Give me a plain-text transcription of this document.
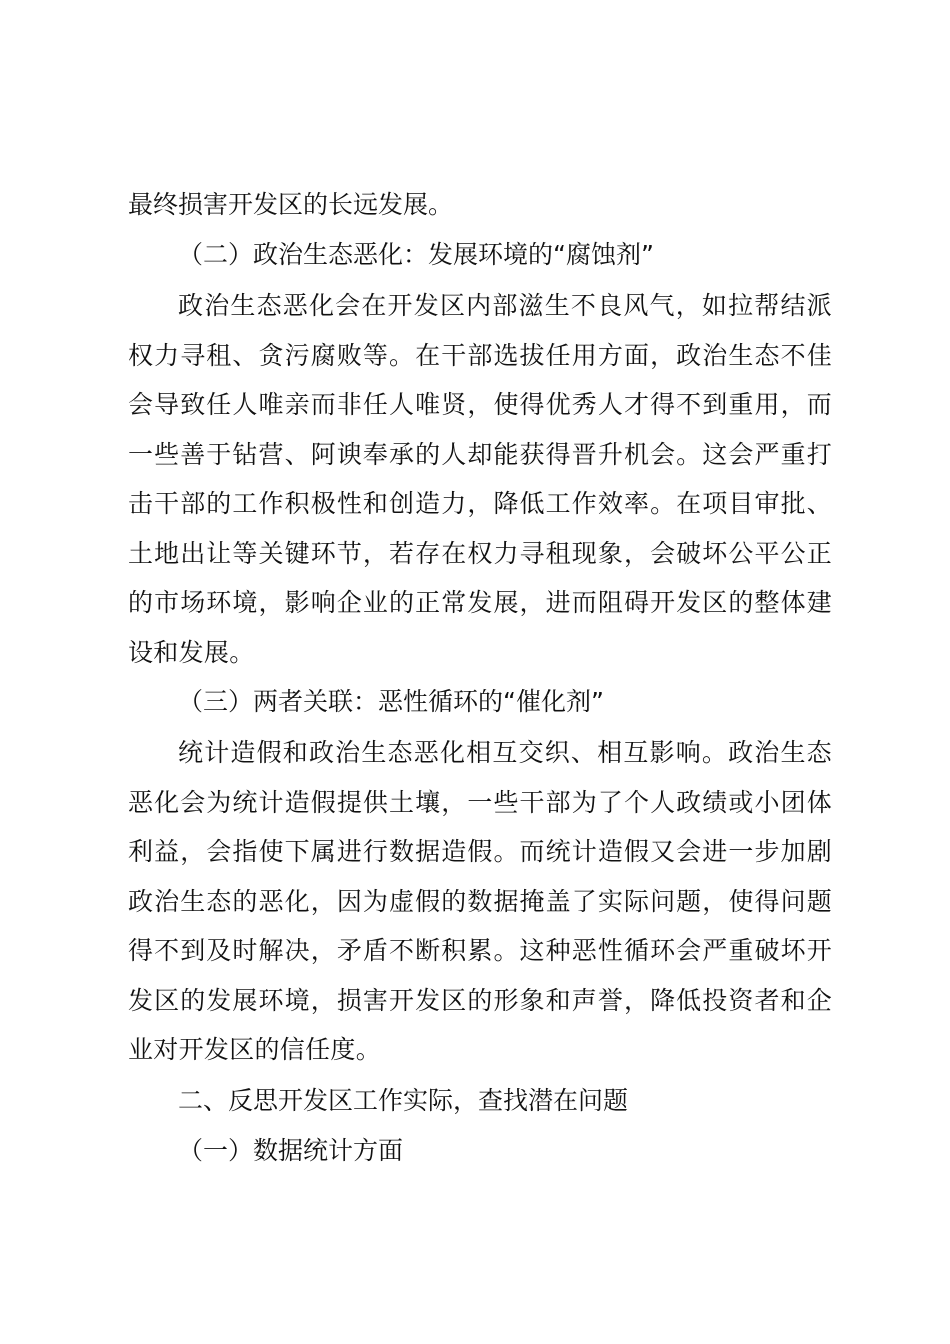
最终损害开发区的长远发展。

（二）政治生态恶化：发展环境的“腐蚀剂”

政治生态恶化会在开发区内部滋生不良风气，如拉帮结派权力寻租、贪污腐败等。在干部选拔任用方面，政治生态不佳会导致任人唯亲而非任人唯贤，使得优秀人才得不到重用，而一些善于钻营、阿谀奉承的人却能获得晋升机会。这会严重打击干部的工作积极性和创造力，降低工作效率。在项目审批、土地出让等关键环节，若存在权力寻租现象，会破坏公平公正的市场环境，影响企业的正常发展，进而阻碍开发区的整体建设和发展。

（三）两者关联：恶性循环的“催化剂”

统计造假和政治生态恶化相互交织、相互影响。政治生态恶化会为统计造假提供土壤，一些干部为了个人政绩或小团体利益，会指使下属进行数据造假。而统计造假又会进一步加剧政治生态的恶化，因为虚假的数据掩盖了实际问题，使得问题得不到及时解决，矛盾不断积累。这种恶性循环会严重破坏开发区的发展环境，损害开发区的形象和声誉，降低投资者和企业对开发区的信任度。

二、反思开发区工作实际，查找潜在问题

（一）数据统计方面
